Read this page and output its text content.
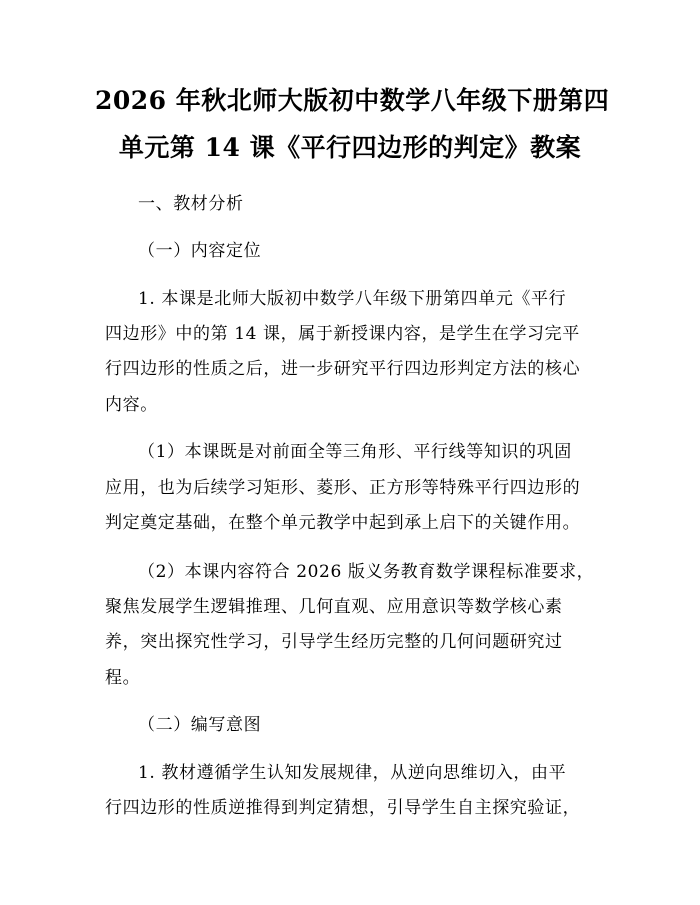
2026 年秋北师大版初中数学八年级下册第四
单元第 14 课《平行四边形的判定》教案
一、教材分析
（一）内容定位
1. 本课是北师大版初中数学八年级下册第四单元《平行
四边形》中的第 14 课，属于新授课内容，是学生在学习完平
行四边形的性质之后，进一步研究平行四边形判定方法的核心
内容。
（1）本课既是对前面全等三角形、平行线等知识的巩固
应用，也为后续学习矩形、菱形、正方形等特殊平行四边形的
判定奠定基础，在整个单元教学中起到承上启下的关键作用。
（2）本课内容符合 2026 版义务教育数学课程标准要求，
聚焦发展学生逻辑推理、几何直观、应用意识等数学核心素
养，突出探究性学习，引导学生经历完整的几何问题研究过
程。
（二）编写意图
1. 教材遵循学生认知发展规律，从逆向思维切入，由平
行四边形的性质逆推得到判定猜想，引导学生自主探究验证，
